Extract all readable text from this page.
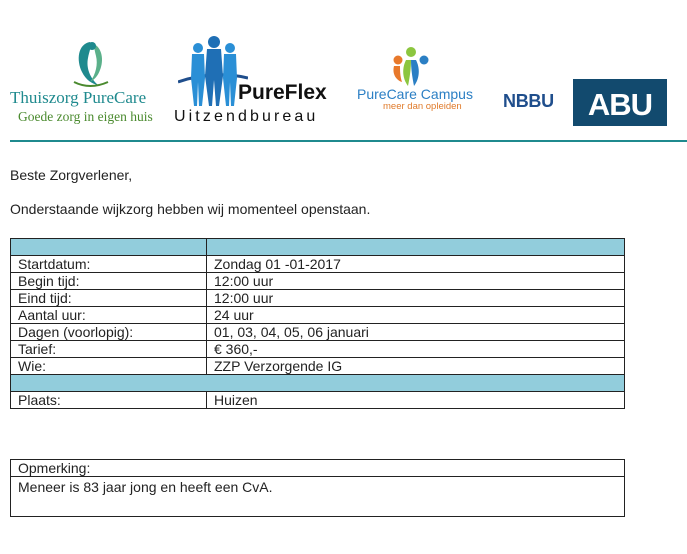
Thuiszorg PureCare
Goede zorg in eigen huis
PureFlex
Uitzendbureau
PureCare Campus
meer dan opleiden NBBU	ABU
Beste Zorgverlener,
Onderstaande wijkzorg hebben wij momenteel openstaan.

Startdatum:	Zondag 01 -01-2017
Begin tijd:	12:00 uur
Eind tijd:	12:00 uur
Aantal uur:	24 uur
Dagen (voorlopig):	01, 03, 04, 05, 06 januari
Tarief:	€ 360,-
Wie:	ZZP Verzorgende IG

Plaats:	Huizen
Opmerking:
Meneer is 83 jaar jong en heeft een CvA.
